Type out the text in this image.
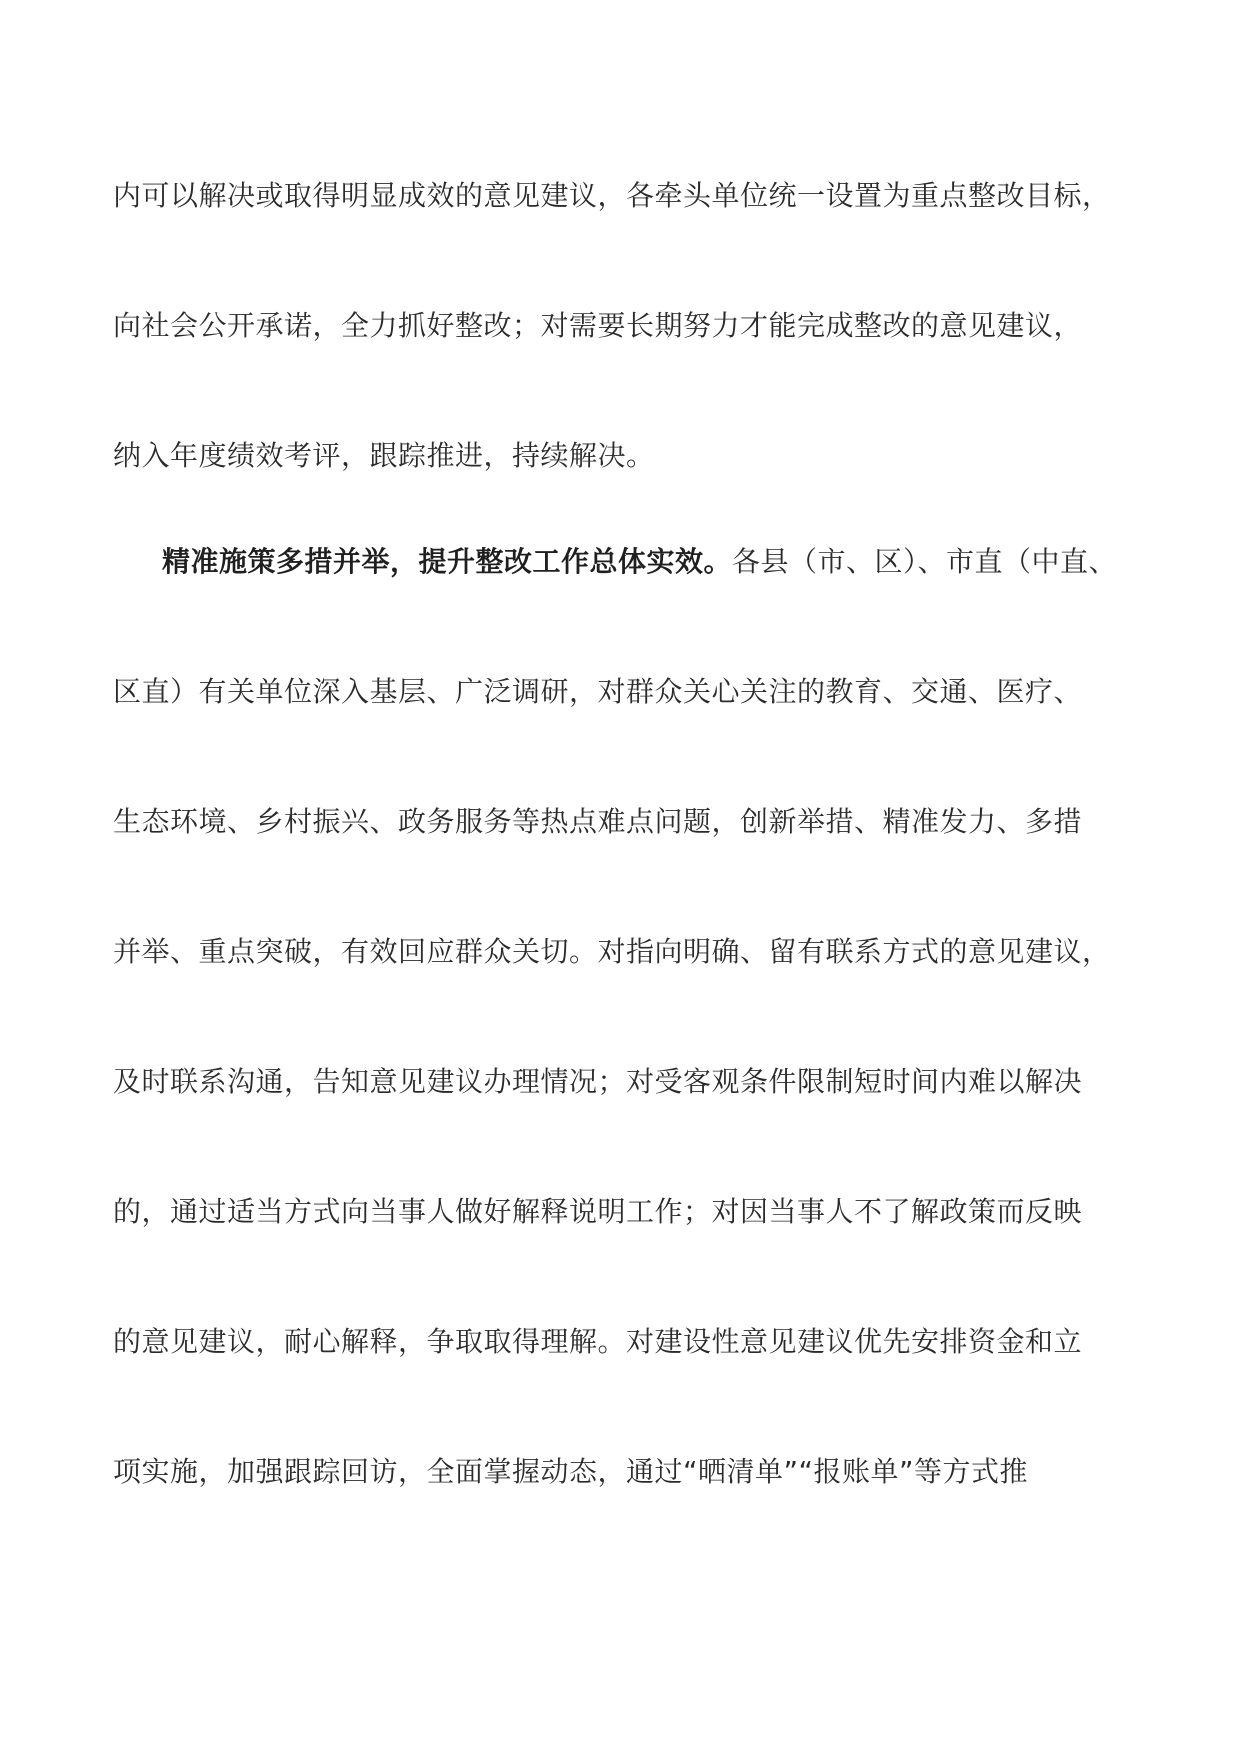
内可以解决或取得明显成效的意见建议，各牵头单位统一设置为重点整改目标，
向社会公开承诺，全力抓好整改；对需要长期努力才能完成整改的意见建议，
纳入年度绩效考评，跟踪推进，持续解决。
精准施策多措并举，提升整改工作总体实效。各县（市、区）、市直（中直、
区直）有关单位深入基层、广泛调研，对群众关心关注的教育、交通、医疗、
生态环境、乡村振兴、政务服务等热点难点问题，创新举措、精准发力、多措
并举、重点突破，有效回应群众关切。对指向明确、留有联系方式的意见建议，
及时联系沟通，告知意见建议办理情况；对受客观条件限制短时间内难以解决
的，通过适当方式向当事人做好解释说明工作；对因当事人不了解政策而反映
的意见建议，耐心解释，争取取得理解。对建设性意见建议优先安排资金和立
项实施，加强跟踪回访，全面掌握动态，通过“晒清单”“报账单”等方式推
